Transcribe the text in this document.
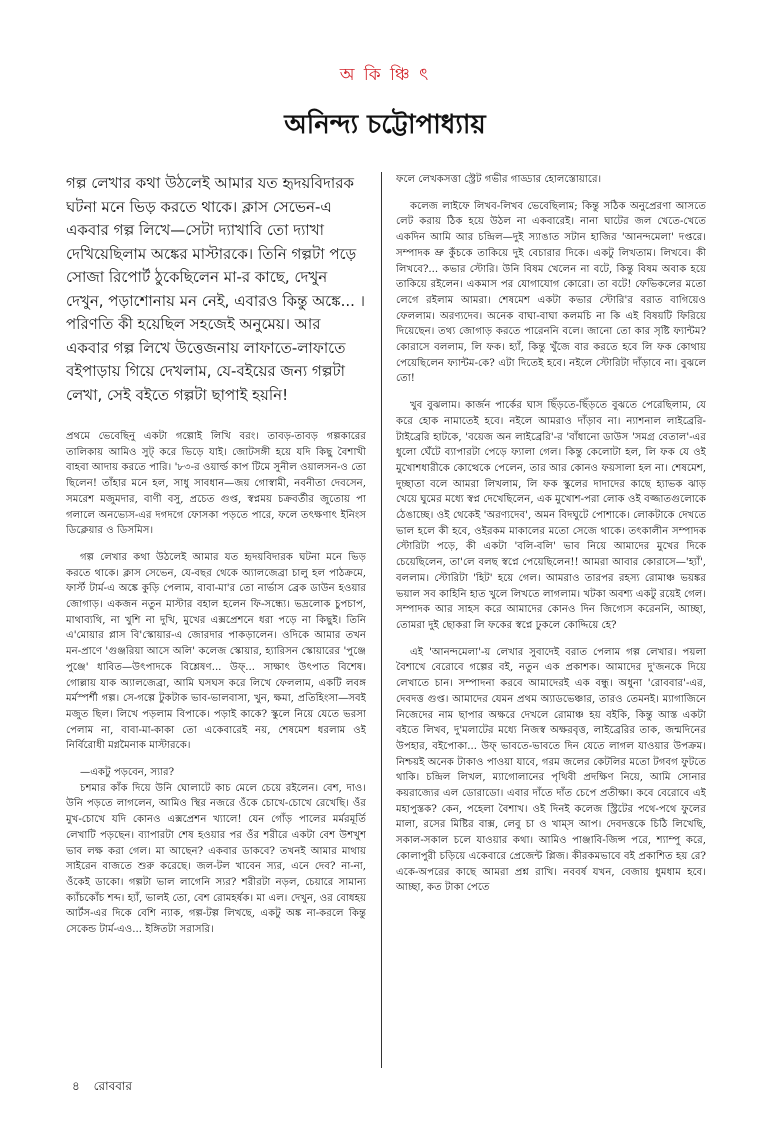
অ কি ঞ্চি ৎ
অনিন্দ্য চট্টোপাধ্যায়

গল্প লেখার কথা উঠলেই আমার যত হৃদয়বিদারক ঘটনা মনে ভিড় করতে থাকে। ক্লাস সেভেন-এ একবার গল্প লিখে—সেটা দ্যাখাবি তো দ্যাখা দেখিয়েছিলাম অঙ্কের মাস্টারকে। তিনি গল্পটা পড়ে সোজা রিপোর্ট ঠুকেছিলেন মা-র কাছে, দেখুন দেখুন, পড়াশোনায় মন নেই, এবারও কিন্তু অঙ্কে... । পরিণতি কী হয়েছিল সহজেই অনুমেয়। আর একবার গল্প লিখে উত্তেজনায় লাফাতে-লাফাতে বইপাড়ায় গিয়ে দেখলাম, যে-বইয়ের জন্য গল্পটা লেখা, সেই বইতে গল্পটা ছাপাই হয়নি!

প্রথমে ভেবেছিনু একটা গল্পোই লিখি বরং। তাবড়-তাবড় গল্পকারের তালিকায় আমিও সুট্ করে ভিড়ে যাই। জোটসঙ্গী হয়ে যদি কিছু বৈশাখী বাহবা আদায় করতে পারি। '৮৩-র ওয়ার্ল্ড কাপ টিমে সুনীল ওয়ালসন-ও তো ছিলেন! তাঁহার মনে হল, সাধু সাবধান—জয় গোস্বামী, নবনীতা দেবসেন, সমরেশ মজুমদার, বাণী বসু, প্রচেত গুপ্ত, স্বপ্নময় চক্রবর্তীর জুতোয় পা গলালে অনভ্যেস-এর দগদগে ফোসকা পড়তে পারে, ফলে তৎক্ষণাৎ ইনিংস ডিক্লেয়ার ও ডিসমিস।

গল্প লেখার কথা উঠলেই আমার যত হৃদয়বিদারক ঘটনা মনে ভিড় করতে থাকে। ক্লাস সেভেন, যে-বছর থেকে অ্যালজেব্রা চালু হল পাঠক্রমে, ফার্স্ট টার্ম-এ অঙ্কে কুড়ি পেলাম, বাবা-মা'র তো নার্ভাস ব্রেক ডাউন হওয়ার জোগাড়। একজন নতুন মাস্টার বহাল হলেন ফি-সন্ধ্যে। ভদ্রলোক চুপচাপ, মাথাব্যথি, না খুশি না দুখি, মুখের এক্সপ্রেশনে ধরা পড়ে না কিছুই। তিনি এ'মোয়ার প্লাস বি'স্কোয়ার-এ জোরদার পাকড়ালেন। ওদিকে আমার তখন মন-প্রাণে 'গুঞ্জরিয়া আসে অলি' কলেজ স্কোয়ার, হ্যারিসন স্কোয়ারের 'পুঞ্জে পুঞ্জে' ধাবিত—উৎপাদকে বিশ্লেষণ... উফ্... সাক্ষাৎ উৎপাত বিশেষ। গোল্লায় যাক অ্যালজেব্রা, আমি ঘসঘস করে লিখে ফেললাম, একটি লবঙ্গ মর্মস্পর্শী গল্প। সে-গল্পে টুকটাক ভাব-ভালবাসা, খুন, ক্ষমা, প্রতিহিংসা—সবই মজুত ছিল। লিখে পড়লাম বিপাকে। পড়াই কাকে? স্কুলে নিয়ে যেতে ভরসা পেলাম না, বাবা-মা-কাকা তো একেবারেই নয়, শেষমেশ ধরলাম ওই নির্বিরোধী মগ্নমৈনাক মাস্টারকে।

—একটু পড়বেন, স্যার?

চশমার কাঁক দিয়ে উনি ঘোলাটে কাচ মেলে চেয়ে রইলেন। বেশ, দাও। উনি পড়তে লাগলেন, আমিও স্থির নজরে ওঁকে চোখে-চোখে রেখেছি। ওঁর মুখ-চোখে যদি কোনও এক্সপ্রেশন খ্যালে! যেন গোঁড় পালের মর্মরমূর্তি লেখাটি পড়ছেন। ব্যাপারটা শেষ হওয়ার পর ওঁর শরীরে একটা বেশ উশখুশ ভাব লক্ষ করা গেল। মা আছেন? একবার ডাকবে? তখনই আমার মাথায় সাইরেন বাজতে শুরু করেছে। জল-টল খাবেন স্যর, এনে দেব? না-না, ওঁকেই ডাকো। গল্পটা ভাল লাগেনি স্যর? শরীরটা নড়ল, চেয়ারে সামান্য ক্যাঁচকোঁচ শব্দ। হ্যাঁ, ভালই তো, বেশ রোমহর্ষক। মা এল। দেখুন, ওর বোধহয় আর্টস-এর দিকে বেশি ন্যাক, গল্প-টল্প লিখছে, একটু অঙ্ক না-করলে কিন্তু সেকেন্ড টার্ম-এও... ইঙ্গিতটা সরাসরি।

ফলে লেখকসত্তা স্ট্রেট গভীর গাড্ডার হোলস্তোয়ারে।

কলেজ লাইফে লিখব-লিখব ভেবেছিলাম; কিন্তু সঠিক অনুপ্রেরণা আসতে লেট করায় ঠিক হয়ে উঠল না একবারেই। নানা ঘাটের জল খেতে-খেতে একদিন আমি আর চন্দ্রিল—দুই স্যাঙাত সটান হাজির 'আনন্দমেলা' দপ্তরে। সম্পাদক ভ্রু কুঁচকে তাকিয়ে দুই বেচারার দিকে। একটু লিখতাম। লিখবে। কী লিখবে?... কভার স্টোরি। উনি বিষম খেলেন না বটে, কিন্তু বিষম অবাক হয়ে তাকিয়ে রইলেন। একমাস পর যোগাযোগ কোরো। তা বটে! ফেভিকলের মতো লেগে রইলাম আমরা। শেষমেশ একটা কভার স্টোরি'র বরাত বাগিয়েও ফেললাম। অরণ্যদেব। অনেক বাঘা-বাঘা কলমচি না কি এই বিষয়টি ফিরিয়ে দিয়েছেন। তথ্য জোগাড় করতে পারেননি বলে। জানো তো কার সৃষ্টি ফ্যান্টম? কোরাসে বললাম, লি ফক। হ্যাঁ, কিন্তু খুঁজে বার করতে হবে লি ফক কোথায় পেয়েছিলেন ফ্যান্টম-কে? এটা দিতেই হবে। নইলে স্টোরিটা দাঁড়াবে না। বুঝলে তো!

খুব বুঝলাম। কার্জন পার্কের ঘাস ছিঁড়তে-ছিঁড়তে বুঝতে পেরেছিলাম, যে করে হোক নামাতেই হবে। নইলে আমরাও দাঁড়াব না। ন্যাশনাল লাইব্রেরি-টাইব্রেরি হাটকে, 'বয়েজ অন লাইব্রেরি'-র 'বাঁধানো ডাউস 'সমগ্র বেতাল'-এর ধুলো ঘেঁটে ব্যাপারটা পেড়ে ফ্যালা গেল। কিন্তু কেলোটা হল, লি ফক যে ওই মুখোশধারীকে কোত্থেকে পেলেন, তার আর কোনও ফয়সালা হল না। শেষমেশ, দুচ্ছাতা বলে আমরা লিখলাম, লি ফক স্কুলের দাদাদের কাছে হ্যাভক ঝাড় খেয়ে ঘুমের মধ্যে স্বপ্ন দেখেছিলেন, এক মুখোশ-পরা লোক ওই বজ্জাতগুলোকে ঠেঙাচ্ছে। ওই থেকেই 'অরণ্যদেব', অমন বিদঘুটে পোশাকে। লোকটাকে দেখতে ভাল হলে কী হবে, ওইরকম মাকালের মতো সেজে থাকে। তৎকালীন সম্পাদক স্টোরিটা পড়ে, কী একটা 'বলি-বলি' ভাব নিয়ে আমাদের মুখের দিকে চেয়েছিলেন, তা'লে বলছ স্বপ্নে পেয়েছিলেন!! আমরা আবার কোরাসে—'হ্যাঁ', বললাম। স্টোরিটা 'হিট' হয়ে গেল। আমরাও তারপর রহস্য রোমাঞ্চ ভয়ঙ্কর ভয়াল সব কাহিনি হাত খুলে লিখতে লাগলাম। খটকা অবশ্য একটু রয়েই গেল। সম্পাদক আর সাহস করে আমাদের কোনও দিন জিগ্যেস করেননি, আচ্ছা, তোমরা দুই ছোকরা লি ফকের স্বপ্নে ঢুকলে কোদ্দিয়ে হে?

এই 'আনন্দমেলা'-য় লেখার সুবাদেই বরাত পেলাম গল্প লেখার। পয়লা বৈশাখে বেরোবে গল্পের বই, নতুন এক প্রকাশক। আমাদের দু'জনকে দিয়ে লেখাতে চান। সম্পাদনা করবে আমাদেরই এক বন্ধু। অধুনা 'রোববার'-এর, দেবদত্ত গুপ্ত। আমাদের যেমন প্রথম অ্যাডভেঞ্চার, তারও তেমনই। ম্যাগাজিনে নিজেদের নাম ছাপার অক্ষরে দেখলে রোমাঞ্চ হয় বইকি, কিন্তু আস্ত একটা বইতে লিখব, দু'মলাটের মধ্যে নিজস্ব অক্ষরবৃত্ত, লাইব্রেরির তাক, জন্মদিনের উপহার, বইপোকা... উফ্ ভাবতে-ভাবতে দিন যেতে লাগল যাওয়ার উপক্রম। নিশ্চয়ই অনেক টাকাও পাওয়া যাবে, গরম জলের কেটলির মতো টগবগ ফুটতে থাকি। চন্দ্রিল লিখল, ম্যাগোলানের পৃথিবী প্রদক্ষিণ নিয়ে, আমি সোনার কয়রাজ্যের এল ডোরাডো। এবার দাঁতে দাঁত চেপে প্রতীক্ষা। কবে বেরোবে এই মহাপুস্তক? কেন, পহেলা বৈশাখ। ওই দিনই কলেজ স্ট্রিটের পথে-পথে ফুলের মালা, রসের মিষ্টির বাক্স, লেবু চা ও খাম্‌স আপ। দেবদত্তকে চিঠি লিখেছি, সকাল-সকাল চলে যাওয়ার কথা। আমিও পাঞ্জাবি-জিন্স পরে, শ্যাম্পু করে, কোলাপুরী চড়িয়ে একেবারে প্রেজেন্ট প্লিজ। কীরকমভাবে বই প্রকাশিত হয় রে? একে-অপরের কাছে আমরা প্রশ্ন রাখি। নববর্ষ যখন, বেজায় ধুমধাম হবে। আচ্ছা, কত টাকা পেতে

৪ রোববার
